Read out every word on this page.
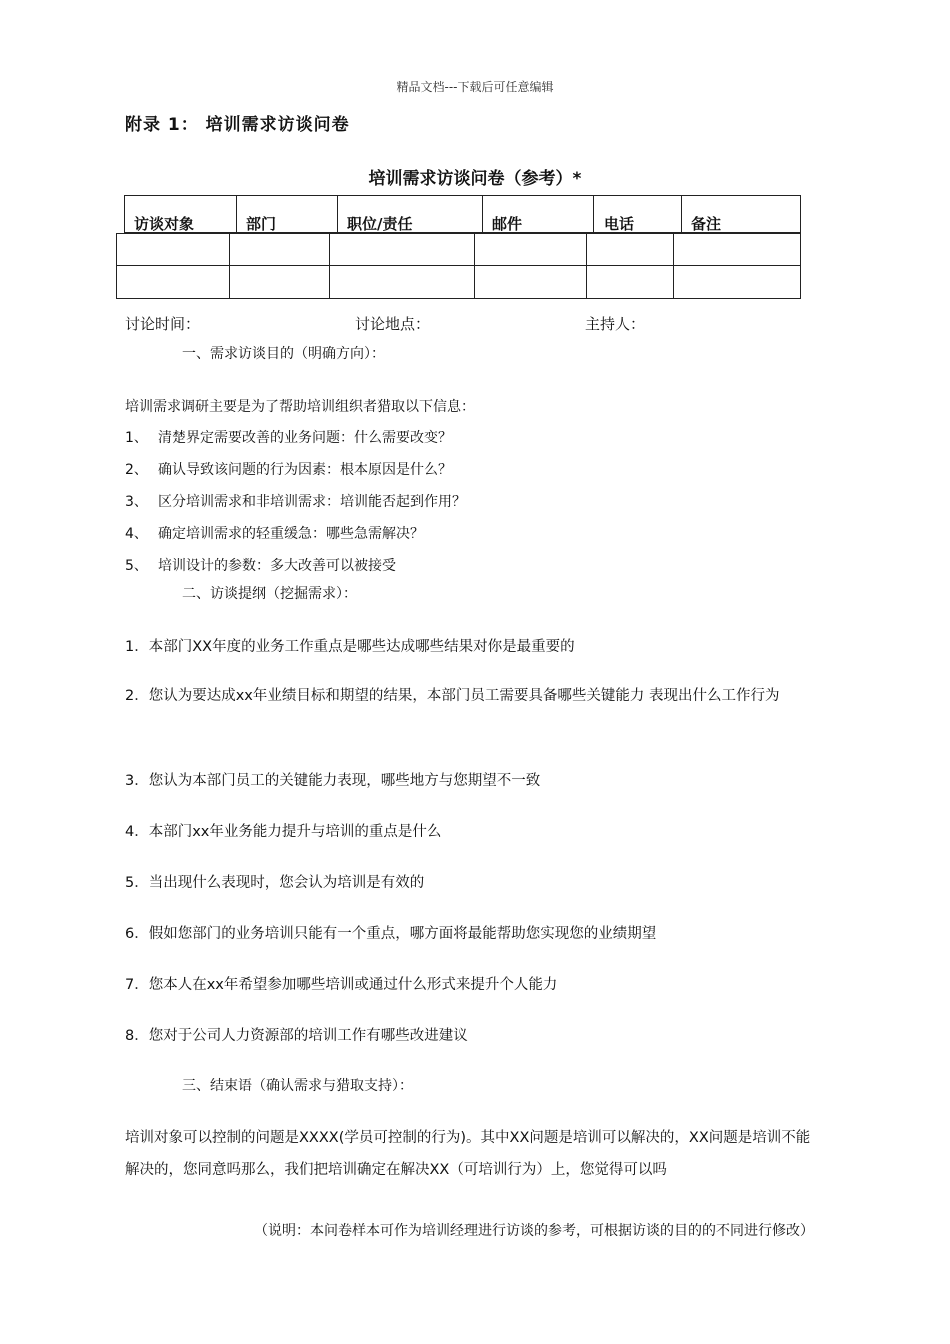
精品文档---下载后可任意编辑
附录 1： 培训需求访谈问卷
培训需求访谈问卷（参考）*
访谈对象	部门	职位/责任	邮件	电话	备注
讨论时间：	讨论地点：	主持人：
一、需求访谈目的（明确方向）：
培训需求调研主要是为了帮助培训组织者猎取以下信息：
1、 清楚界定需要改善的业务问题：什么需要改变？
2、 确认导致该问题的行为因素：根本原因是什么？
3、 区分培训需求和非培训需求：培训能否起到作用？
4、 确定培训需求的轻重缓急：哪些急需解决？
5、 培训设计的参数：多大改善可以被接受
二、访谈提纲（挖掘需求）：
1．本部门XX年度的业务工作重点是哪些达成哪些结果对你是最重要的
2．您认为要达成xx年业绩目标和期望的结果，本部门员工需要具备哪些关键能力 表现出什么工作行为
3．您认为本部门员工的关键能力表现，哪些地方与您期望不一致
4．本部门xx年业务能力提升与培训的重点是什么
5．当出现什么表现时，您会认为培训是有效的
6．假如您部门的业务培训只能有一个重点，哪方面将最能帮助您实现您的业绩期望
7．您本人在xx年希望参加哪些培训或通过什么形式来提升个人能力
8．您对于公司人力资源部的培训工作有哪些改进建议
三、结束语（确认需求与猎取支持）：
培训对象可以控制的问题是XXXX(学员可控制的行为)。其中XX问题是培训可以解决的，XX问题是培训不能解决的，您同意吗那么，我们把培训确定在解决XX（可培训行为）上，您觉得可以吗
（说明：本问卷样本可作为培训经理进行访谈的参考，可根据访谈的目的的不同进行修改）
